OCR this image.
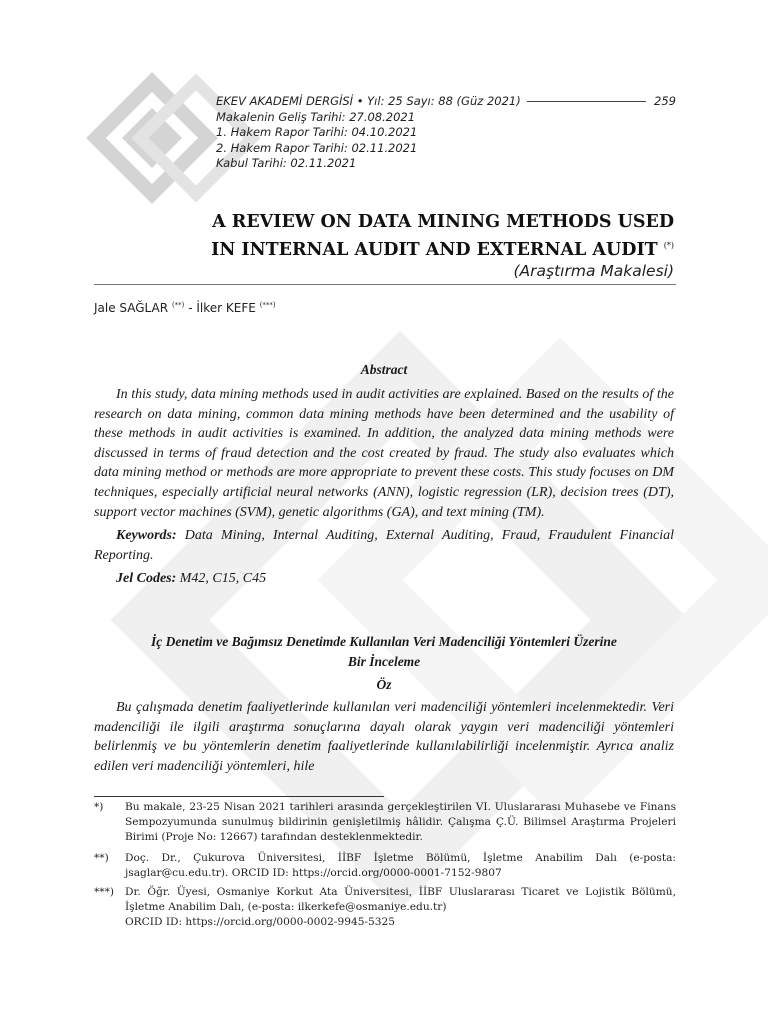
EKEV AKADEMİ DERGİSİ • Yıl: 25 Sayı: 88 (Güz 2021)	259
Makalenin Geliş Tarihi: 27.08.2021
1. Hakem Rapor Tarihi: 04.10.2021
2. Hakem Rapor Tarihi: 02.11.2021
Kabul Tarihi: 02.11.2021
A REVIEW ON DATA MINING METHODS USED
IN INTERNAL AUDIT AND EXTERNAL AUDIT (*)
(Araştırma Makalesi)
Jale SAĞLAR (**) - İlker KEFE (***)
Abstract

In this study, data mining methods used in audit activities are explained. Based on the results of the research on data mining, common data mining methods have been determined and the usability of these methods in audit activities is examined. In addition, the analyzed data mining methods were discussed in terms of fraud detection and the cost created by fraud. The study also evaluates which data mining method or methods are more appropriate to prevent these costs. This study focuses on DM techniques, especially artificial neural networks (ANN), logistic regression (LR), decision trees (DT), support vector machines (SVM), genetic algorithms (GA), and text mining (TM).

Keywords: Data Mining, Internal Auditing, External Auditing, Fraud, Fraudulent Financial Reporting.

Jel Codes: M42, C15, C45

İç Denetim ve Bağımsız Denetimde Kullanılan Veri Madenciliği Yöntemleri Üzerine
Bir İnceleme
Öz

Bu çalışmada denetim faaliyetlerinde kullanılan veri madenciliği yöntemleri incelenmektedir. Veri madenciliği ile ilgili araştırma sonuçlarına dayalı olarak yaygın veri madenciliği yöntemleri belirlenmiş ve bu yöntemlerin denetim faaliyetlerinde kullanılabilirliği incelenmiştir. Ayrıca analiz edilen veri madenciliği yöntemleri, hile

*)	Bu makale, 23-25 Nisan 2021 tarihleri arasında gerçekleştirilen VI. Uluslararası Muhasebe ve Finans Sempozyumunda sunulmuş bildirinin genişletilmiş hâlidir. Çalışma Ç.Ü. Bilimsel Araştırma Projeleri Birimi (Proje No: 12667) tarafından desteklenmektedir.
**)	Doç. Dr., Çukurova Üniversitesi, İİBF İşletme Bölümü, İşletme Anabilim Dalı (e-posta: jsaglar@cu.edu.tr). ORCID ID: https://orcid.org/0000-0001-7152-9807
***)	Dr. Öğr. Üyesi, Osmaniye Korkut Ata Üniversitesi, İİBF Uluslararası Ticaret ve Lojistik Bölümü, İşletme Anabilim Dalı, (e-posta: ilkerkefe@osmaniye.edu.tr)
ORCID ID: https://orcid.org/0000-0002-9945-5325
